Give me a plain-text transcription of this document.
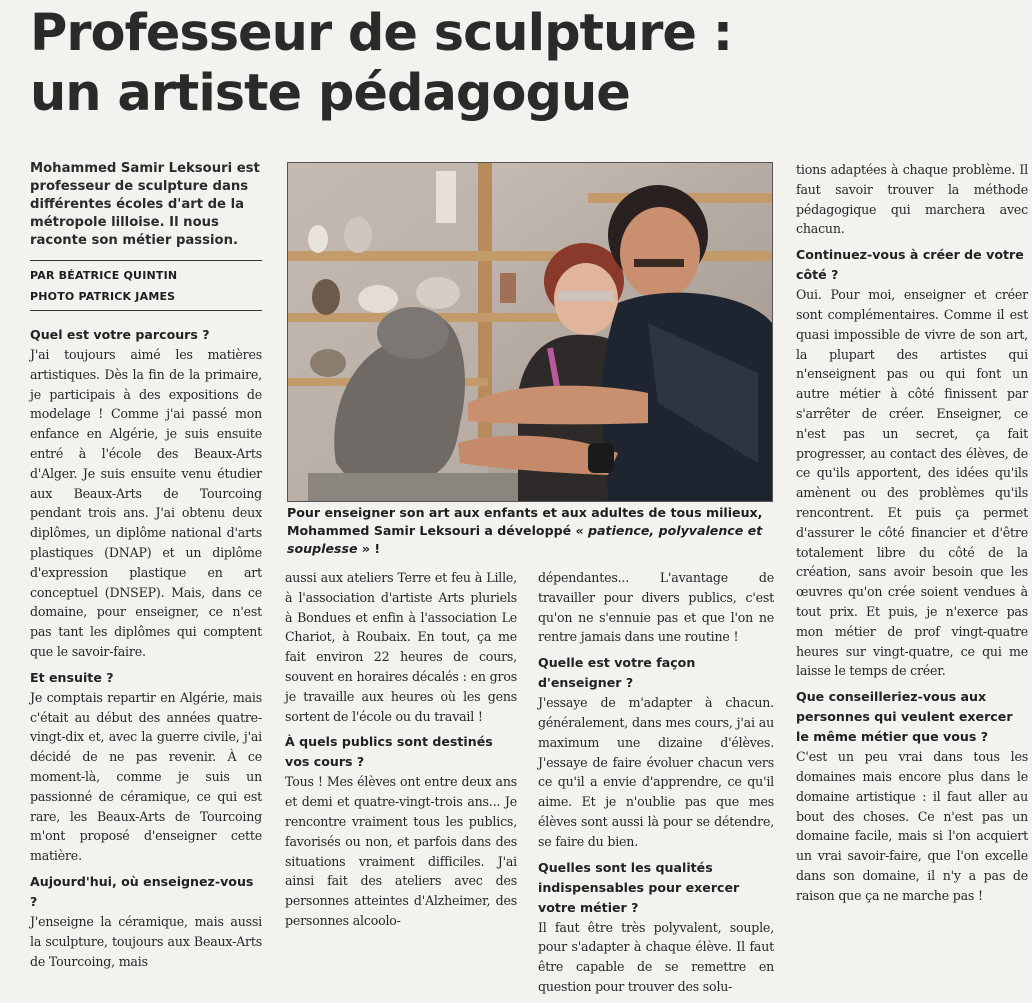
Professeur de sculpture :
un artiste pédagogue

Mohammed Samir Leksouri est professeur de sculpture dans différentes écoles d'art de la métropole lilloise. Il nous raconte son métier passion.

PAR BÉATRICE QUINTIN
PHOTO PATRICK JAMES

Quel est votre parcours ?

J'ai toujours aimé les matières artistiques. Dès la fin de la primaire, je participais à des expositions de modelage ! Comme j'ai passé mon enfance en Algérie, je suis ensuite entré à l'école des Beaux-Arts d'Alger. Je suis ensuite venu étudier aux Beaux-Arts de Tourcoing pendant trois ans. J'ai obtenu deux diplômes, un diplôme national d'arts plastiques (DNAP) et un diplôme d'expression plastique en art conceptuel (DNSEP). Mais, dans ce domaine, pour enseigner, ce n'est pas tant les diplômes qui comptent que le savoir-faire.

Et ensuite ?

Je comptais repartir en Algérie, mais c'était au début des années quatre-vingt-dix et, avec la guerre civile, j'ai décidé de ne pas revenir. À ce moment-là, comme je suis un passionné de céramique, ce qui est rare, les Beaux-Arts de Tourcoing m'ont proposé d'enseigner cette matière.

Aujourd'hui, où enseignez-vous ?

J'enseigne la céramique, mais aussi la sculpture, toujours aux Beaux-Arts de Tourcoing, mais

Pour enseigner son art aux enfants et aux adultes de tous milieux, Mohammed Samir Leksouri a développé « patience, polyvalence et souplesse » !

aussi aux ateliers Terre et feu à Lille, à l'association d'artiste Arts pluriels à Bondues et enfin à l'association Le Chariot, à Roubaix. En tout, ça me fait environ 22 heures de cours, souvent en horaires décalés : en gros je travaille aux heures où les gens sortent de l'école ou du travail !

À quels publics sont destinés vos cours ?

Tous ! Mes élèves ont entre deux ans et demi et quatre-vingt-trois ans... Je rencontre vraiment tous les publics, favorisés ou non, et parfois dans des situations vraiment difficiles. J'ai ainsi fait des ateliers avec des personnes atteintes d'Alzheimer, des personnes alcoolo-

dépendantes... L'avantage de travailler pour divers publics, c'est qu'on ne s'ennuie pas et que l'on ne rentre jamais dans une routine !

Quelle est votre façon d'enseigner ?

J'essaye de m'adapter à chacun. généralement, dans mes cours, j'ai au maximum une dizaine d'élèves. J'essaye de faire évoluer chacun vers ce qu'il a envie d'apprendre, ce qu'il aime. Et je n'oublie pas que mes élèves sont aussi là pour se détendre, se faire du bien.

Quelles sont les qualités indispensables pour exercer votre métier ?

Il faut être très polyvalent, souple, pour s'adapter à chaque élève. Il faut être capable de se remettre en question pour trouver des solu-

tions adaptées à chaque problème. Il faut savoir trouver la méthode pédagogique qui marchera avec chacun.

Continuez-vous à créer de votre côté ?

Oui. Pour moi, enseigner et créer sont complémentaires. Comme il est quasi impossible de vivre de son art, la plupart des artistes qui n'enseignent pas ou qui font un autre métier à côté finissent par s'arrêter de créer. Enseigner, ce n'est pas un secret, ça fait progresser, au contact des élèves, de ce qu'ils apportent, des idées qu'ils amènent ou des problèmes qu'ils rencontrent. Et puis ça permet d'assurer le côté financier et d'être totalement libre du côté de la création, sans avoir besoin que les œuvres qu'on crée soient vendues à tout prix. Et puis, je n'exerce pas mon métier de prof vingt-quatre heures sur vingt-quatre, ce qui me laisse le temps de créer.

Que conseilleriez-vous aux personnes qui veulent exercer le même métier que vous ?

C'est un peu vrai dans tous les domaines mais encore plus dans le domaine artistique : il faut aller au bout des choses. Ce n'est pas un domaine facile, mais si l'on acquiert un vrai savoir-faire, que l'on excelle dans son domaine, il n'y a pas de raison que ça ne marche pas !
